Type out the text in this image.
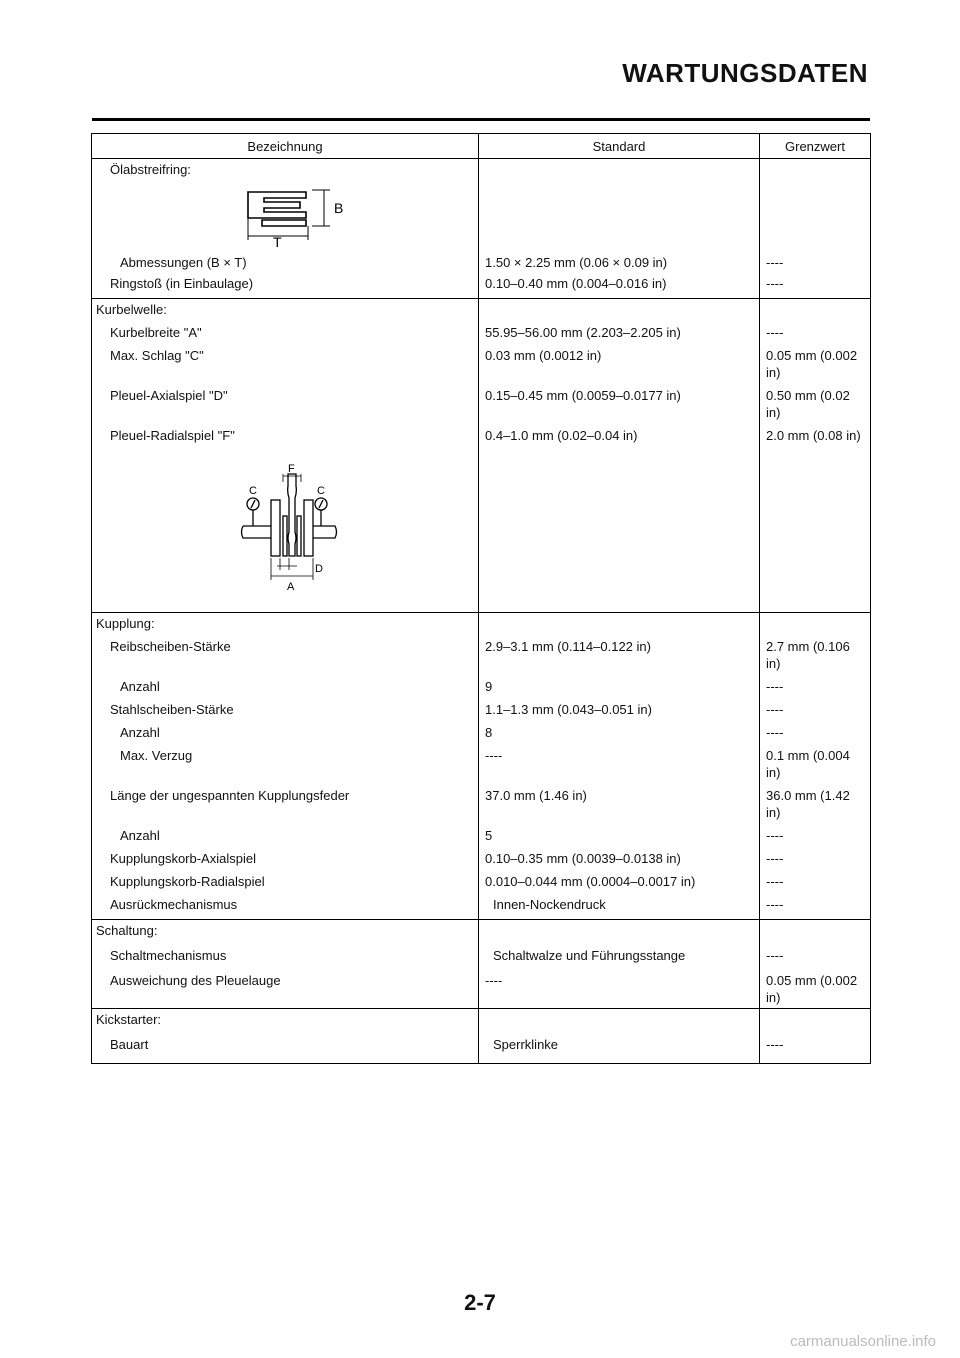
WARTUNGSDATEN
Bezeichnung	Standard	Grenzwert
Ölabstreifring:		

B
T		

Abmessungen (B × T)	1.50 × 2.25 mm (0.06 × 0.09 in)	----
Ringstoß (in Einbaulage)	0.10–0.40 mm (0.004–0.016 in)	----
Kurbelwelle:		
Kurbelbreite "A"	55.95–56.00 mm (2.203–2.205 in)	----
Max. Schlag "C"	0.03 mm (0.0012 in)	0.05 mm (0.002 in)
Pleuel-Axialspiel "D"	0.15–0.45 mm (0.0059–0.0177 in)	0.50 mm (0.02 in)
Pleuel-Radialspiel "F"	0.4–1.0 mm (0.02–0.04 in)	2.0 mm (0.08 in)

F
C C
D
A		

Kupplung:		
Reibscheiben-Stärke	2.9–3.1 mm (0.114–0.122 in)	2.7 mm (0.106 in)
Anzahl	9	----
Stahlscheiben-Stärke	1.1–1.3 mm (0.043–0.051 in)	----
Anzahl	8	----
Max. Verzug	----	0.1 mm (0.004 in)
Länge der ungespannten Kupplungsfeder	37.0 mm (1.46 in)	36.0 mm (1.42 in)
Anzahl	5	----
Kupplungskorb-Axialspiel	0.10–0.35 mm (0.0039–0.0138 in)	----
Kupplungskorb-Radialspiel	0.010–0.044 mm (0.0004–0.0017 in)	----
Ausrückmechanismus	Innen-Nockendruck	----
Schaltung:		
Schaltmechanismus	Schaltwalze und Führungsstange	----
Ausweichung des Pleuelauge	----	0.05 mm (0.002 in)
Kickstarter:		
Bauart	Sperrklinke	----
2-7
carmanualsonline.info
